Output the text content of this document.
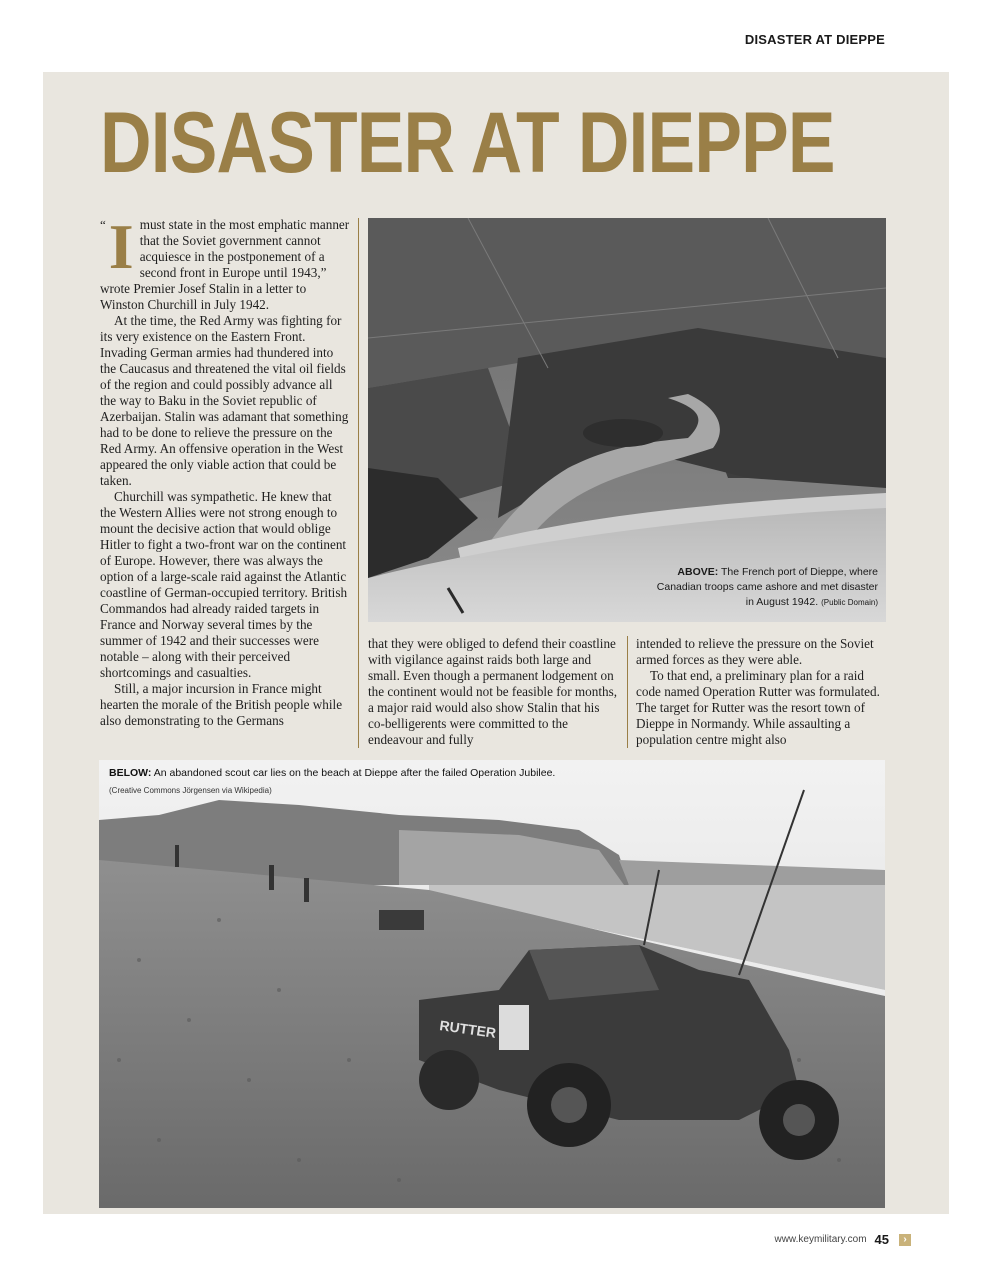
DISASTER AT DIEPPE
DISASTER AT DIEPPE

“ I must state in the most emphatic manner that the Soviet government cannot acquiesce in the postponement of a second front in Europe until 1943,” wrote Premier Josef Stalin in a letter to Winston Churchill in July 1942.

At the time, the Red Army was fighting for its very existence on the Eastern Front. Invading German armies had thundered into the Caucasus and threatened the vital oil fields of the region and could possibly advance all the way to Baku in the Soviet republic of Azerbaijan. Stalin was adamant that something had to be done to relieve the pressure on the Red Army. An offensive operation in the West appeared the only viable action that could be taken.

Churchill was sympathetic. He knew that the Western Allies were not strong enough to mount the decisive action that would oblige Hitler to fight a two-front war on the continent of Europe. However, there was always the option of a large-scale raid against the Atlantic coastline of German-occupied territory. British Commandos had already raided targets in France and Norway several times by the summer of 1942 and their successes were notable – along with their perceived shortcomings and casualties.

Still, a major incursion in France might hearten the morale of the British people while also demonstrating to the Germans

ABOVE: The French port of Dieppe, where Canadian troops came ashore and met disaster in August 1942. (Public Domain)

that they were obliged to defend their coastline with vigilance against raids both large and small. Even though a permanent lodgement on the continent would not be feasible for months, a major raid would also show Stalin that his co-belligerents were committed to the endeavour and fully

intended to relieve the pressure on the Soviet armed forces as they were able.

To that end, a preliminary plan for a raid code named Operation Rutter was formulated. The target for Rutter was the resort town of Dieppe in Normandy. While assaulting a population centre might also

RUTTER
BELOW: An abandoned scout car lies on the beach at Dieppe after the failed Operation Jubilee.
(Creative Commons Jörgensen via Wikipedia)
www.keymilitary.com 45	›
